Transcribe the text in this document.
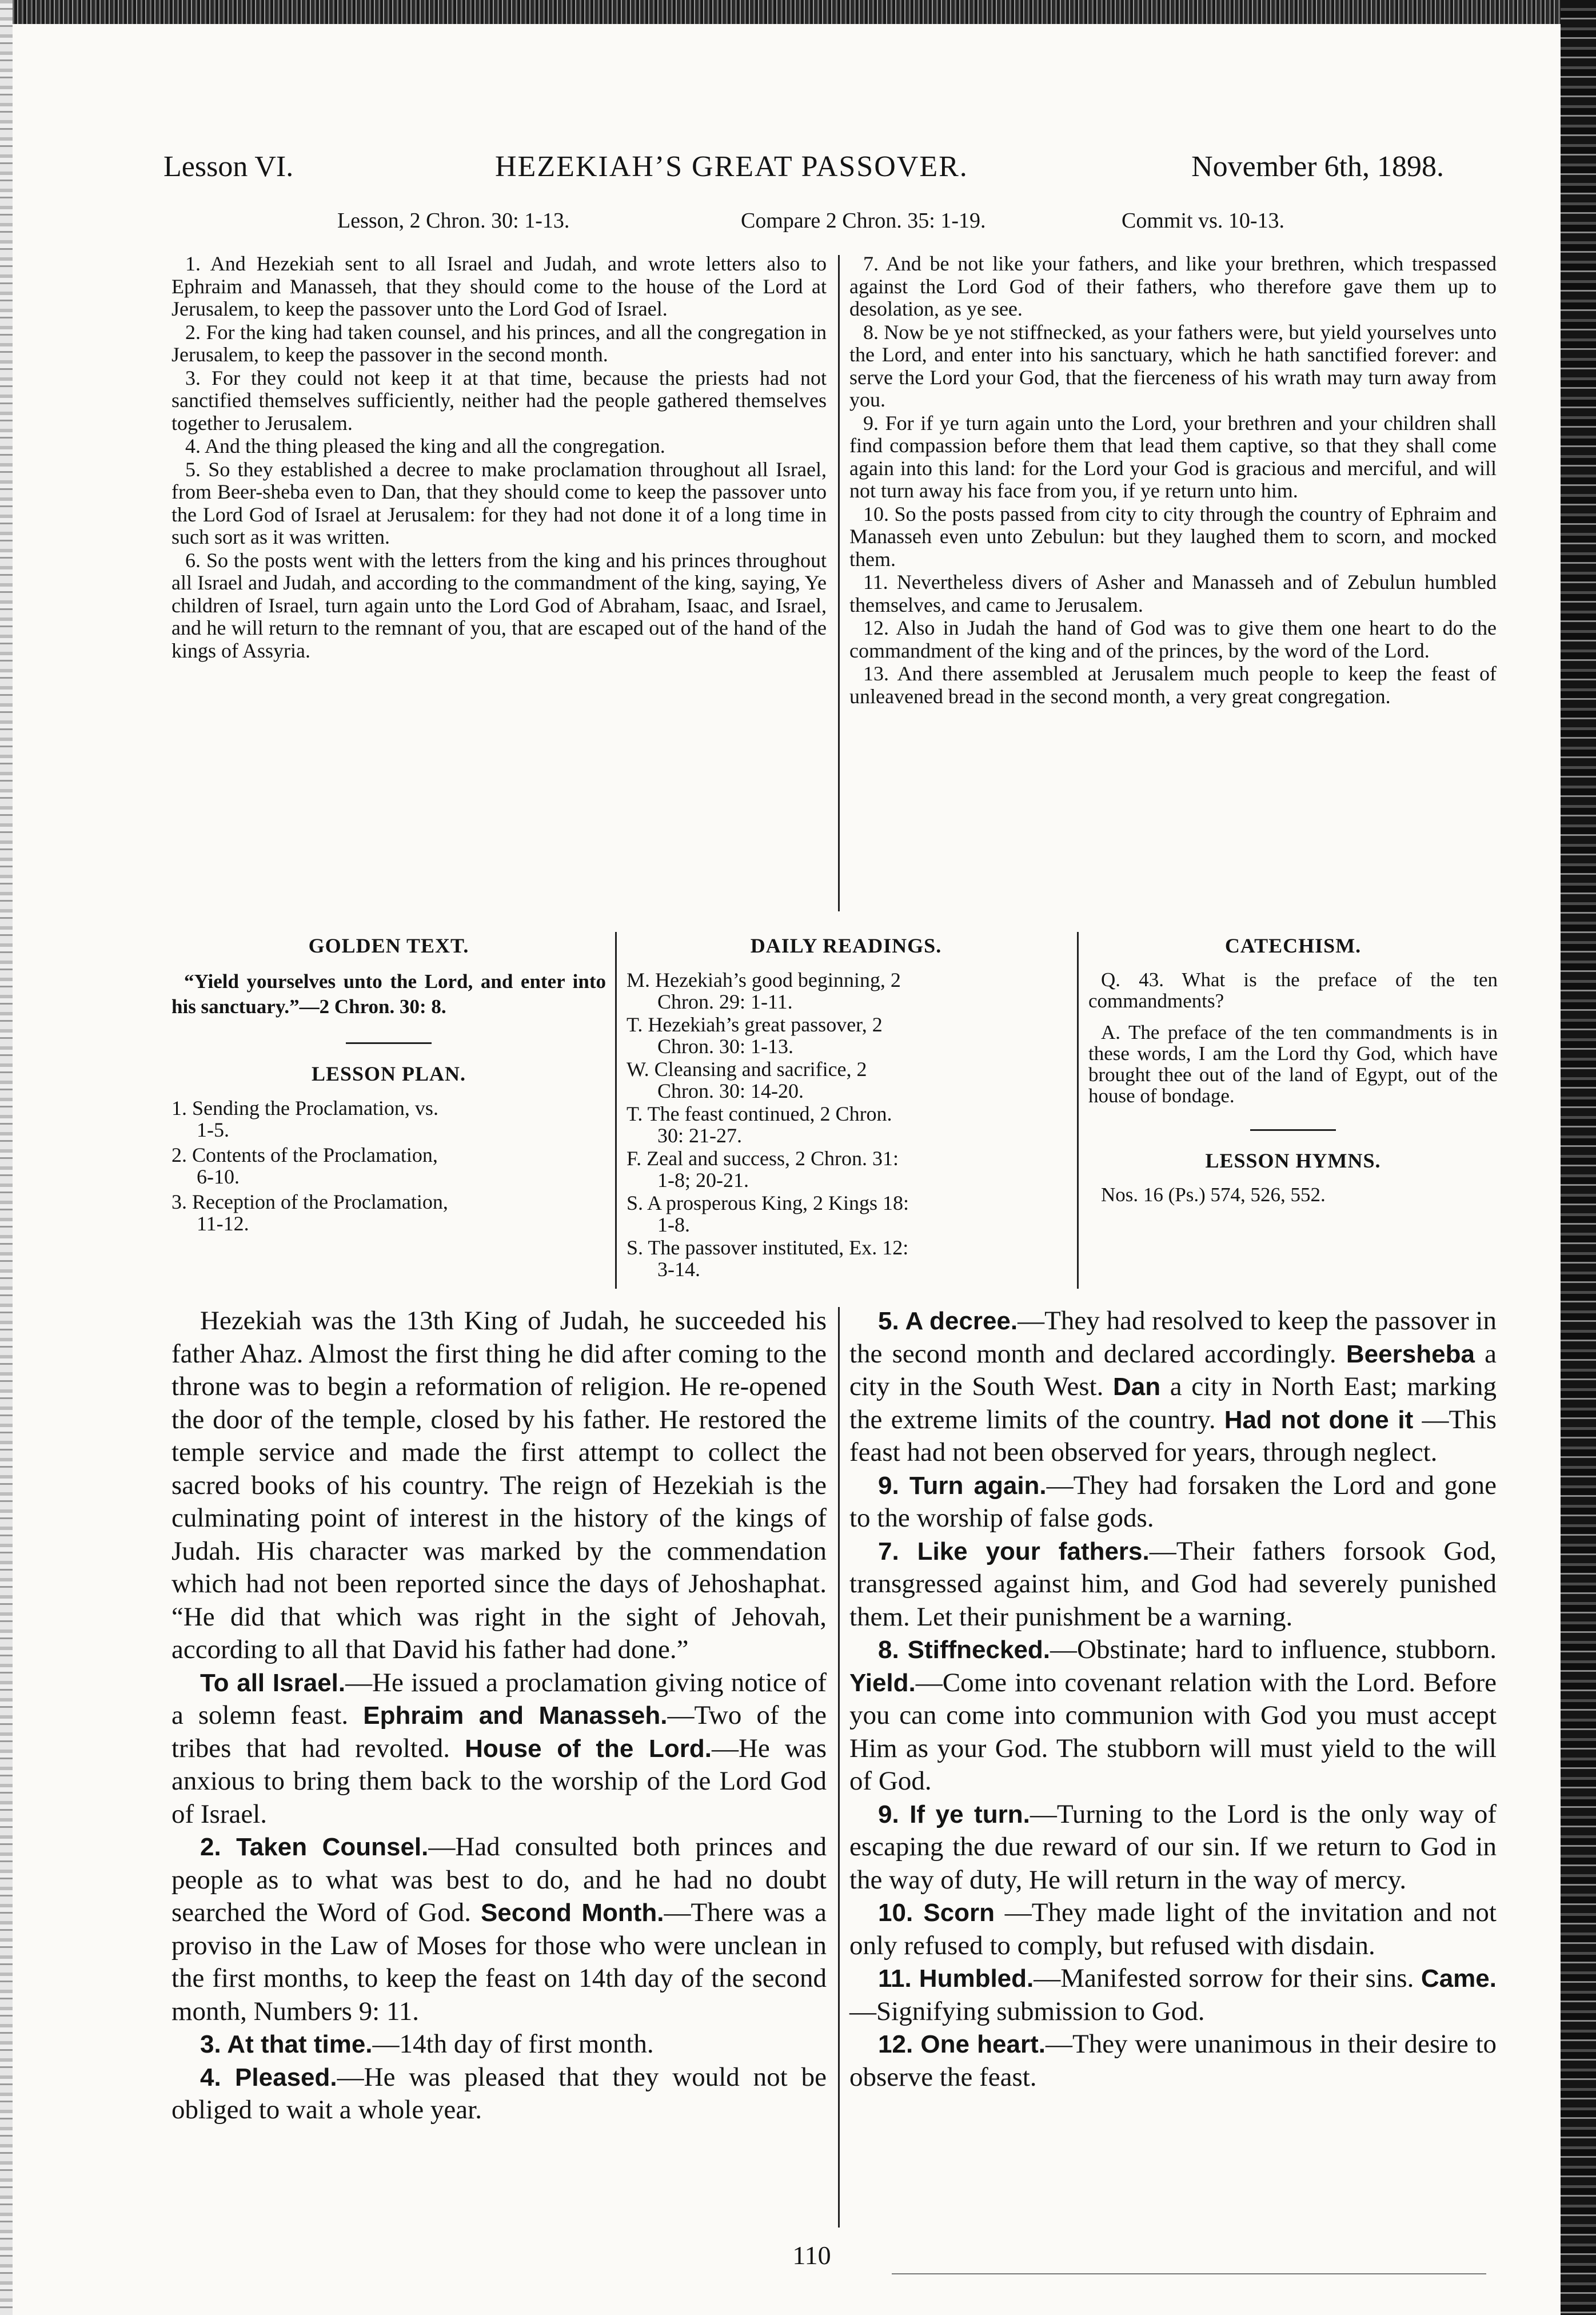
Lesson VI.	HEZEKIAH’S GREAT PASSOVER.	November 6th, 1898.
Lesson, 2 Chron. 30: 1-13.	Compare 2 Chron. 35: 1-19.	Commit vs. 10-13.

1. And Hezekiah sent to all Israel and Judah, and wrote letters also to Ephraim and Manasseh, that they should come to the house of the Lord at Jerusalem, to keep the passover unto the Lord God of Israel.

2. For the king had taken counsel, and his princes, and all the congregation in Jerusalem, to keep the passover in the second month.

3. For they could not keep it at that time, because the priests had not sanctified themselves sufficiently, neither had the people gathered themselves together to Jerusalem.

4. And the thing pleased the king and all the congregation.

5. So they established a decree to make proclamation throughout all Israel, from Beer-sheba even to Dan, that they should come to keep the passover unto the Lord God of Israel at Jerusalem: for they had not done it of a long time in such sort as it was written.

6. So the posts went with the letters from the king and his princes throughout all Israel and Judah, and according to the commandment of the king, saying, Ye children of Israel, turn again unto the Lord God of Abraham, Isaac, and Israel, and he will return to the remnant of you, that are escaped out of the hand of the kings of Assyria.

7. And be not like your fathers, and like your brethren, which trespassed against the Lord God of their fathers, who therefore gave them up to desolation, as ye see.

8. Now be ye not stiffnecked, as your fathers were, but yield yourselves unto the Lord, and enter into his sanctuary, which he hath sanctified forever: and serve the Lord your God, that the fierceness of his wrath may turn away from you.

9. For if ye turn again unto the Lord, your brethren and your children shall find compassion before them that lead them captive, so that they shall come again into this land: for the Lord your God is gracious and merciful, and will not turn away his face from you, if ye return unto him.

10. So the posts passed from city to city through the country of Ephraim and Manasseh even unto Zebulun: but they laughed them to scorn, and mocked them.

11. Nevertheless divers of Asher and Manasseh and of Zebulun humbled themselves, and came to Jerusalem.

12. Also in Judah the hand of God was to give them one heart to do the commandment of the king and of the princes, by the word of the Lord.

13. And there assembled at Jerusalem much people to keep the feast of unleavened bread in the second month, a very great congregation.

GOLDEN TEXT.

“Yield yourselves unto the Lord, and enter into his sanctuary.”—2 Chron. 30: 8.

LESSON PLAN.
1. Sending the Proclamation, vs.
1-5.
2. Contents of the Proclamation,
6-10.
3. Reception of the Proclamation,
11-12.
DAILY READINGS.
M. Hezekiah’s good beginning, 2
Chron. 29: 1-11.
T. Hezekiah’s great passover, 2
Chron. 30: 1-13.
W. Cleansing and sacrifice, 2
Chron. 30: 14-20.
T. The feast continued, 2 Chron.
30: 21-27.
F. Zeal and success, 2 Chron. 31:
1-8; 20-21.
S. A prosperous King, 2 Kings 18:
1-8.
S. The passover instituted, Ex. 12:
3-14.
CATECHISM.

Q. 43. What is the preface of the ten commandments?

A. The preface of the ten commandments is in these words, I am the Lord thy God, which have brought thee out of the land of Egypt, out of the house of bondage.

LESSON HYMNS.

Nos. 16 (Ps.) 574, 526, 552.

Hezekiah was the 13th King of Judah, he succeeded his father Ahaz. Almost the first thing he did after coming to the throne was to begin a reformation of religion. He re-opened the door of the temple, closed by his father. He restored the temple service and made the first attempt to collect the sacred books of his country. The reign of Hezekiah is the culminating point of interest in the history of the kings of Judah. His character was marked by the commendation which had not been reported since the days of Jehoshaphat. “He did that which was right in the sight of Jehovah, according to all that David his father had done.”

To all Israel.—He issued a proclamation giving notice of a solemn feast. Ephraim and Manasseh.—Two of the tribes that had revolted. House of the Lord.—He was anxious to bring them back to the worship of the Lord God of Israel.

2. Taken Counsel.—Had consulted both princes and people as to what was best to do, and he had no doubt searched the Word of God. Second Month.—There was a proviso in the Law of Moses for those who were unclean in the first months, to keep the feast on 14th day of the second month, Numbers 9: 11.

3. At that time.—14th day of first month.

4. Pleased.—He was pleased that they would not be obliged to wait a whole year.

5. A decree.—They had resolved to keep the passover in the second month and declared accordingly. Beersheba a city in the South West. Dan a city in North East; marking the extreme limits of the country. Had not done it —This feast had not been observed for years, through neglect.

9. Turn again.—They had forsaken the Lord and gone to the worship of false gods.

7. Like your fathers.—Their fathers forsook God, transgressed against him, and God had severely punished them. Let their punishment be a warning.

8. Stiffnecked.—Obstinate; hard to influence, stubborn. Yield.—Come into covenant relation with the Lord. Before you can come into communion with God you must accept Him as your God. The stubborn will must yield to the will of God.

9. If ye turn.—Turning to the Lord is the only way of escaping the due reward of our sin. If we return to God in the way of duty, He will return in the way of mercy.

10. Scorn —They made light of the invitation and not only refused to comply, but refused with disdain.

11. Humbled.—Manifested sorrow for their sins. Came.—Signifying submission to God.

12. One heart.—They were unanimous in their desire to observe the feast.

110
